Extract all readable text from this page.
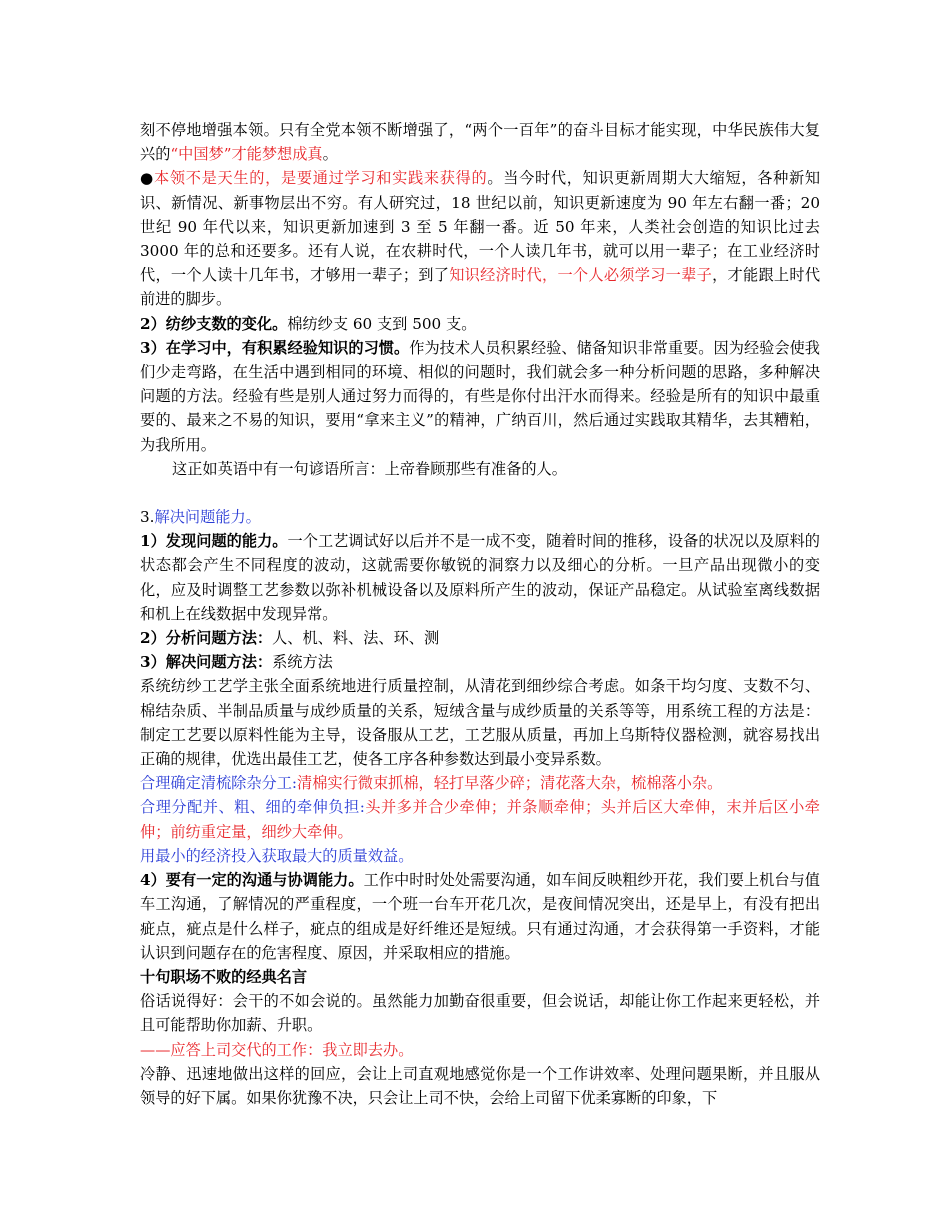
刻不停地增强本领。只有全党本领不断增强了，“两个一百年”的奋斗目标才能实现，中华民族伟大复兴的“中国梦”才能梦想成真。

●本领不是天生的，是要通过学习和实践来获得的。当今时代，知识更新周期大大缩短，各种新知识、新情况、新事物层出不穷。有人研究过，18 世纪以前，知识更新速度为 90 年左右翻一番；20 世纪 90 年代以来，知识更新加速到 3 至 5 年翻一番。近 50 年来，人类社会创造的知识比过去 3000 年的总和还要多。还有人说，在农耕时代，一个人读几年书，就可以用一辈子；在工业经济时代，一个人读十几年书，才够用一辈子；到了知识经济时代，一个人必须学习一辈子，才能跟上时代前进的脚步。

2）纺纱支数的变化。棉纺纱支 60 支到 500 支。

3）在学习中，有积累经验知识的习惯。作为技术人员积累经验、储备知识非常重要。因为经验会使我们少走弯路，在生活中遇到相同的环境、相似的问题时，我们就会多一种分析问题的思路，多种解决问题的方法。经验有些是别人通过努力而得的，有些是你付出汗水而得来。经验是所有的知识中最重要的、最来之不易的知识，要用“拿来主义”的精神，广纳百川，然后通过实践取其精华，去其糟粕，为我所用。

这正如英语中有一句谚语所言：上帝眷顾那些有准备的人。

3.解决问题能力。

1）发现问题的能力。一个工艺调试好以后并不是一成不变，随着时间的推移，设备的状况以及原料的状态都会产生不同程度的波动，这就需要你敏锐的洞察力以及细心的分析。一旦产品出现微小的变化，应及时调整工艺参数以弥补机械设备以及原料所产生的波动，保证产品稳定。从试验室离线数据和机上在线数据中发现异常。

2）分析问题方法：人、机、料、法、环、测

3）解决问题方法：系统方法

系统纺纱工艺学主张全面系统地进行质量控制，从清花到细纱综合考虑。如条干均匀度、支数不匀、棉结杂质、半制品质量与成纱质量的关系，短绒含量与成纱质量的关系等等，用系统工程的方法是：制定工艺要以原料性能为主导，设备服从工艺，工艺服从质量，再加上乌斯特仪器检测，就容易找出正确的规律，优选出最佳工艺，使各工序各种参数达到最小变异系数。

合理确定清梳除杂分工:清棉实行微束抓棉，轻打早落少碎；清花落大杂，梳棉落小杂。

合理分配并、粗、细的牵伸负担:头并多并合少牵伸；并条顺牵伸；头并后区大牵伸，末并后区小牵伸；前纺重定量，细纱大牵伸。

用最小的经济投入获取最大的质量效益。

4）要有一定的沟通与协调能力。工作中时时处处需要沟通，如车间反映粗纱开花，我们要上机台与值车工沟通，了解情况的严重程度，一个班一台车开花几次，是夜间情况突出，还是早上，有没有把出疵点，疵点是什么样子，疵点的组成是好纤维还是短绒。只有通过沟通，才会获得第一手资料，才能认识到问题存在的危害程度、原因，并采取相应的措施。

十句职场不败的经典名言

俗话说得好：会干的不如会说的。虽然能力加勤奋很重要，但会说话，却能让你工作起来更轻松，并且可能帮助你加薪、升职。

——应答上司交代的工作：我立即去办。

冷静、迅速地做出这样的回应，会让上司直观地感觉你是一个工作讲效率、处理问题果断，并且服从领导的好下属。如果你犹豫不决，只会让上司不快，会给上司留下优柔寡断的印象，下
